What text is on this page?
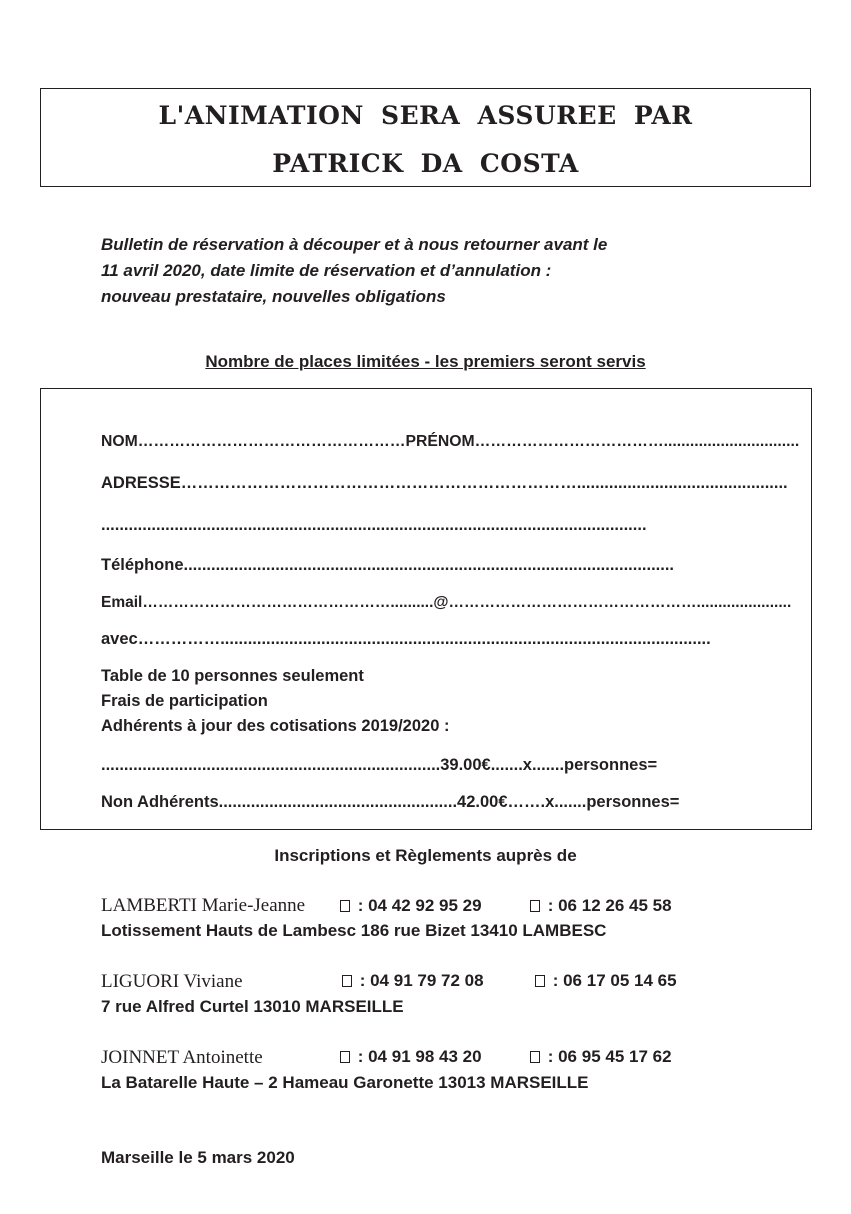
L'ANIMATION SERA ASSUREE PAR
PATRICK DA COSTA
Bulletin de réservation à découper et à nous retourner avant le
11 avril 2020, date limite de réservation et d’annulation :
nouveau prestataire, nouvelles obligations
Nombre de places limitées - les premiers seront servis
NOM……………………………………………PRÉNOM………………………………...............................
ADRESSE………………………………………………………………..............................................
.......................................................................................................................
Téléphone...........................................................................................................
Email…………………………………………..........@…………………………………………......................
avec……………...........................................................................................................
Table de 10 personnes seulement
Frais de participation
Adhérents à jour des cotisations 2019/2020 :
..........................................................................39.00€.......x.......personnes=
Non Adhérents....................................................42.00€…….x.......personnes=
Inscriptions et Règlements auprès de
LAMBERTI Marie-Jeanne	: 04 42 92 95 29	: 06 12 26 45 58
Lotissement Hauts de Lambesc 186 rue Bizet 13410 LAMBESC
LIGUORI Viviane	: 04 91 79 72 08	: 06 17 05 14 65
7 rue Alfred Curtel 13010 MARSEILLE
JOINNET Antoinette	: 04 91 98 43 20	: 06 95 45 17 62
La Batarelle Haute – 2 Hameau Garonette 13013 MARSEILLE
Marseille le 5 mars 2020
